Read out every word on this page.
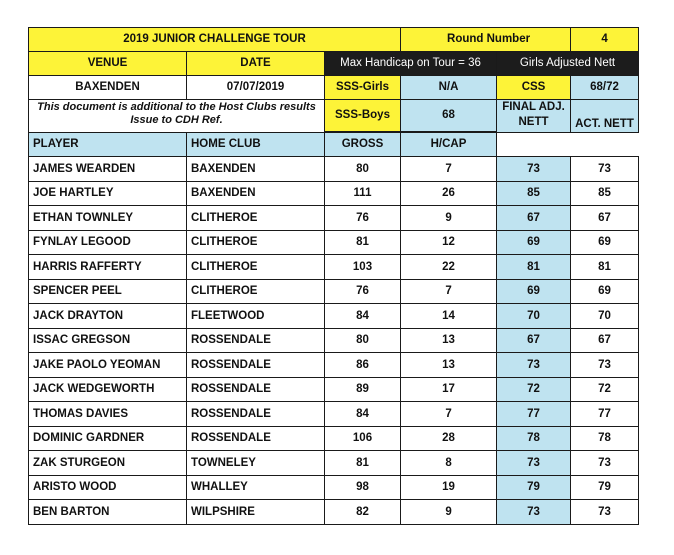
2019 JUNIOR CHALLENGE TOUR			Round Number		4
VENUE	DATE	Max Handicap on Tour = 36		Girls Adjusted Nett	
BAXENDEN	07/07/2019	SSS-Girls	N/A	CSS	68/72
This document is additional to the Host Clubs results Issue to CDH Ref.		SSS-Boys	68	FINAL ADJ. NETT	ACT. NETT

PLAYER	HOME CLUB	GROSS	H/CAP		
JAMES WEARDEN	BAXENDEN	80	7	73	73
JOE HARTLEY	BAXENDEN	111	26	85	85
ETHAN TOWNLEY	CLITHEROE	76	9	67	67
FYNLAY LEGOOD	CLITHEROE	81	12	69	69
HARRIS RAFFERTY	CLITHEROE	103	22	81	81
SPENCER PEEL	CLITHEROE	76	7	69	69
JACK DRAYTON	FLEETWOOD	84	14	70	70
ISSAC GREGSON	ROSSENDALE	80	13	67	67
JAKE PAOLO YEOMAN	ROSSENDALE	86	13	73	73
JACK WEDGEWORTH	ROSSENDALE	89	17	72	72
THOMAS DAVIES	ROSSENDALE	84	7	77	77
DOMINIC GARDNER	ROSSENDALE	106	28	78	78
ZAK STURGEON	TOWNELEY	81	8	73	73
ARISTO WOOD	WHALLEY	98	19	79	79
BEN BARTON	WILPSHIRE	82	9	73	73
